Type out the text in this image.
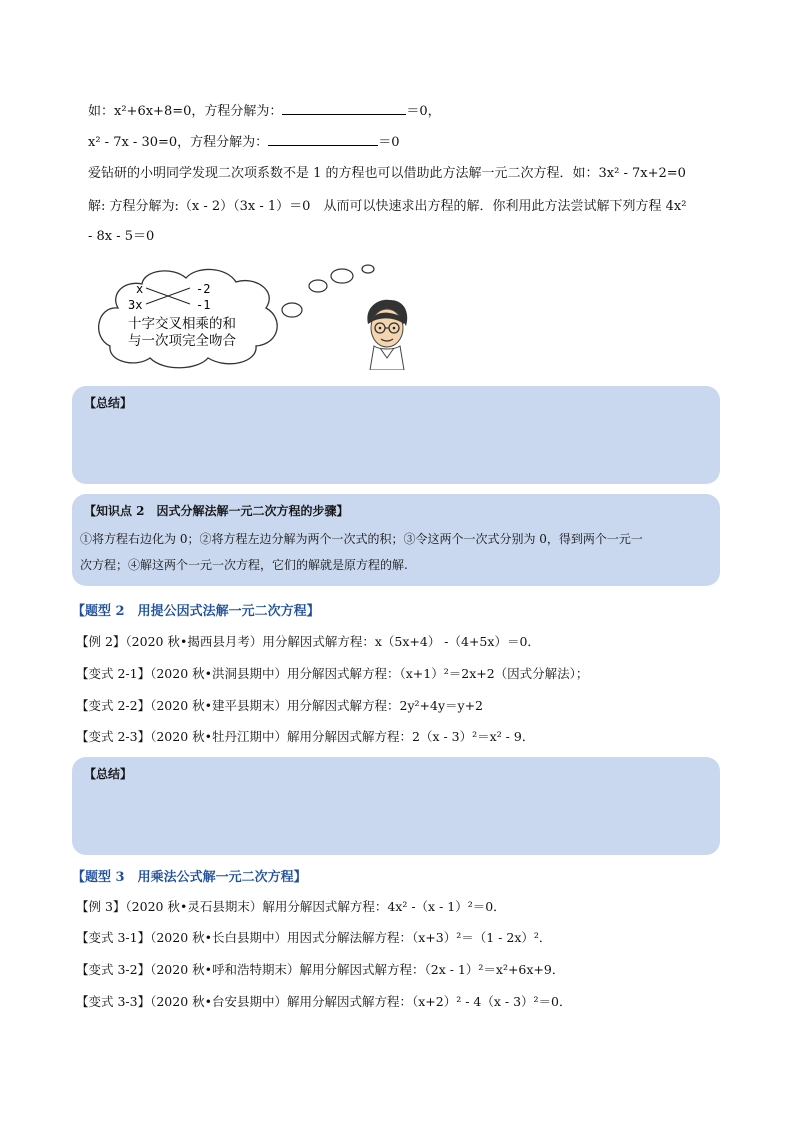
如：x²+6x+8=0，方程分解为：	＝0，
x² - 7x - 30=0，方程分解为：	＝0
爱钻研的小明同学发现二次项系数不是 1 的方程也可以借助此方法解一元二次方程．如：3x² - 7x+2=0
解: 方程分解为:（x - 2）（3x - 1）＝0　从而可以快速求出方程的解．你利用此方法尝试解下列方程 4x²
- 8x - 5＝0
x
3x
-2
-1
十字交叉相乘的和
与一次项完全吻合
【总结】
【知识点 2　因式分解法解一元二次方程的步骤】
①将方程右边化为 0；②将方程左边分解为两个一次式的积；③令这两个一次式分别为 0，得到两个一元一
次方程；④解这两个一元一次方程，它们的解就是原方程的解.
【题型 2　用提公因式法解一元二次方程】
【例 2】（2020 秋•揭西县月考）用分解因式解方程：x（5x+4） -（4+5x）＝0．
【变式 2-1】（2020 秋•洪洞县期中）用分解因式解方程：（x+1）²＝2x+2（因式分解法）；
【变式 2-2】（2020 秋•建平县期末）用分解因式解方程：2y²+4y＝y+2
【变式 2-3】（2020 秋•牡丹江期中）解用分解因式解方程：2（x - 3）²＝x² - 9．
【总结】
【题型 3　用乘法公式解一元二次方程】
【例 3】（2020 秋•灵石县期末）解用分解因式解方程：4x² -（x - 1）²＝0．
【变式 3-1】（2020 秋•长白县期中）用因式分解法解方程：（x+3）²＝（1 - 2x）²．
【变式 3-2】（2020 秋•呼和浩特期末）解用分解因式解方程：（2x - 1）²＝x²+6x+9．
【变式 3-3】（2020 秋•台安县期中）解用分解因式解方程：（x+2）² - 4（x - 3）²＝0．
